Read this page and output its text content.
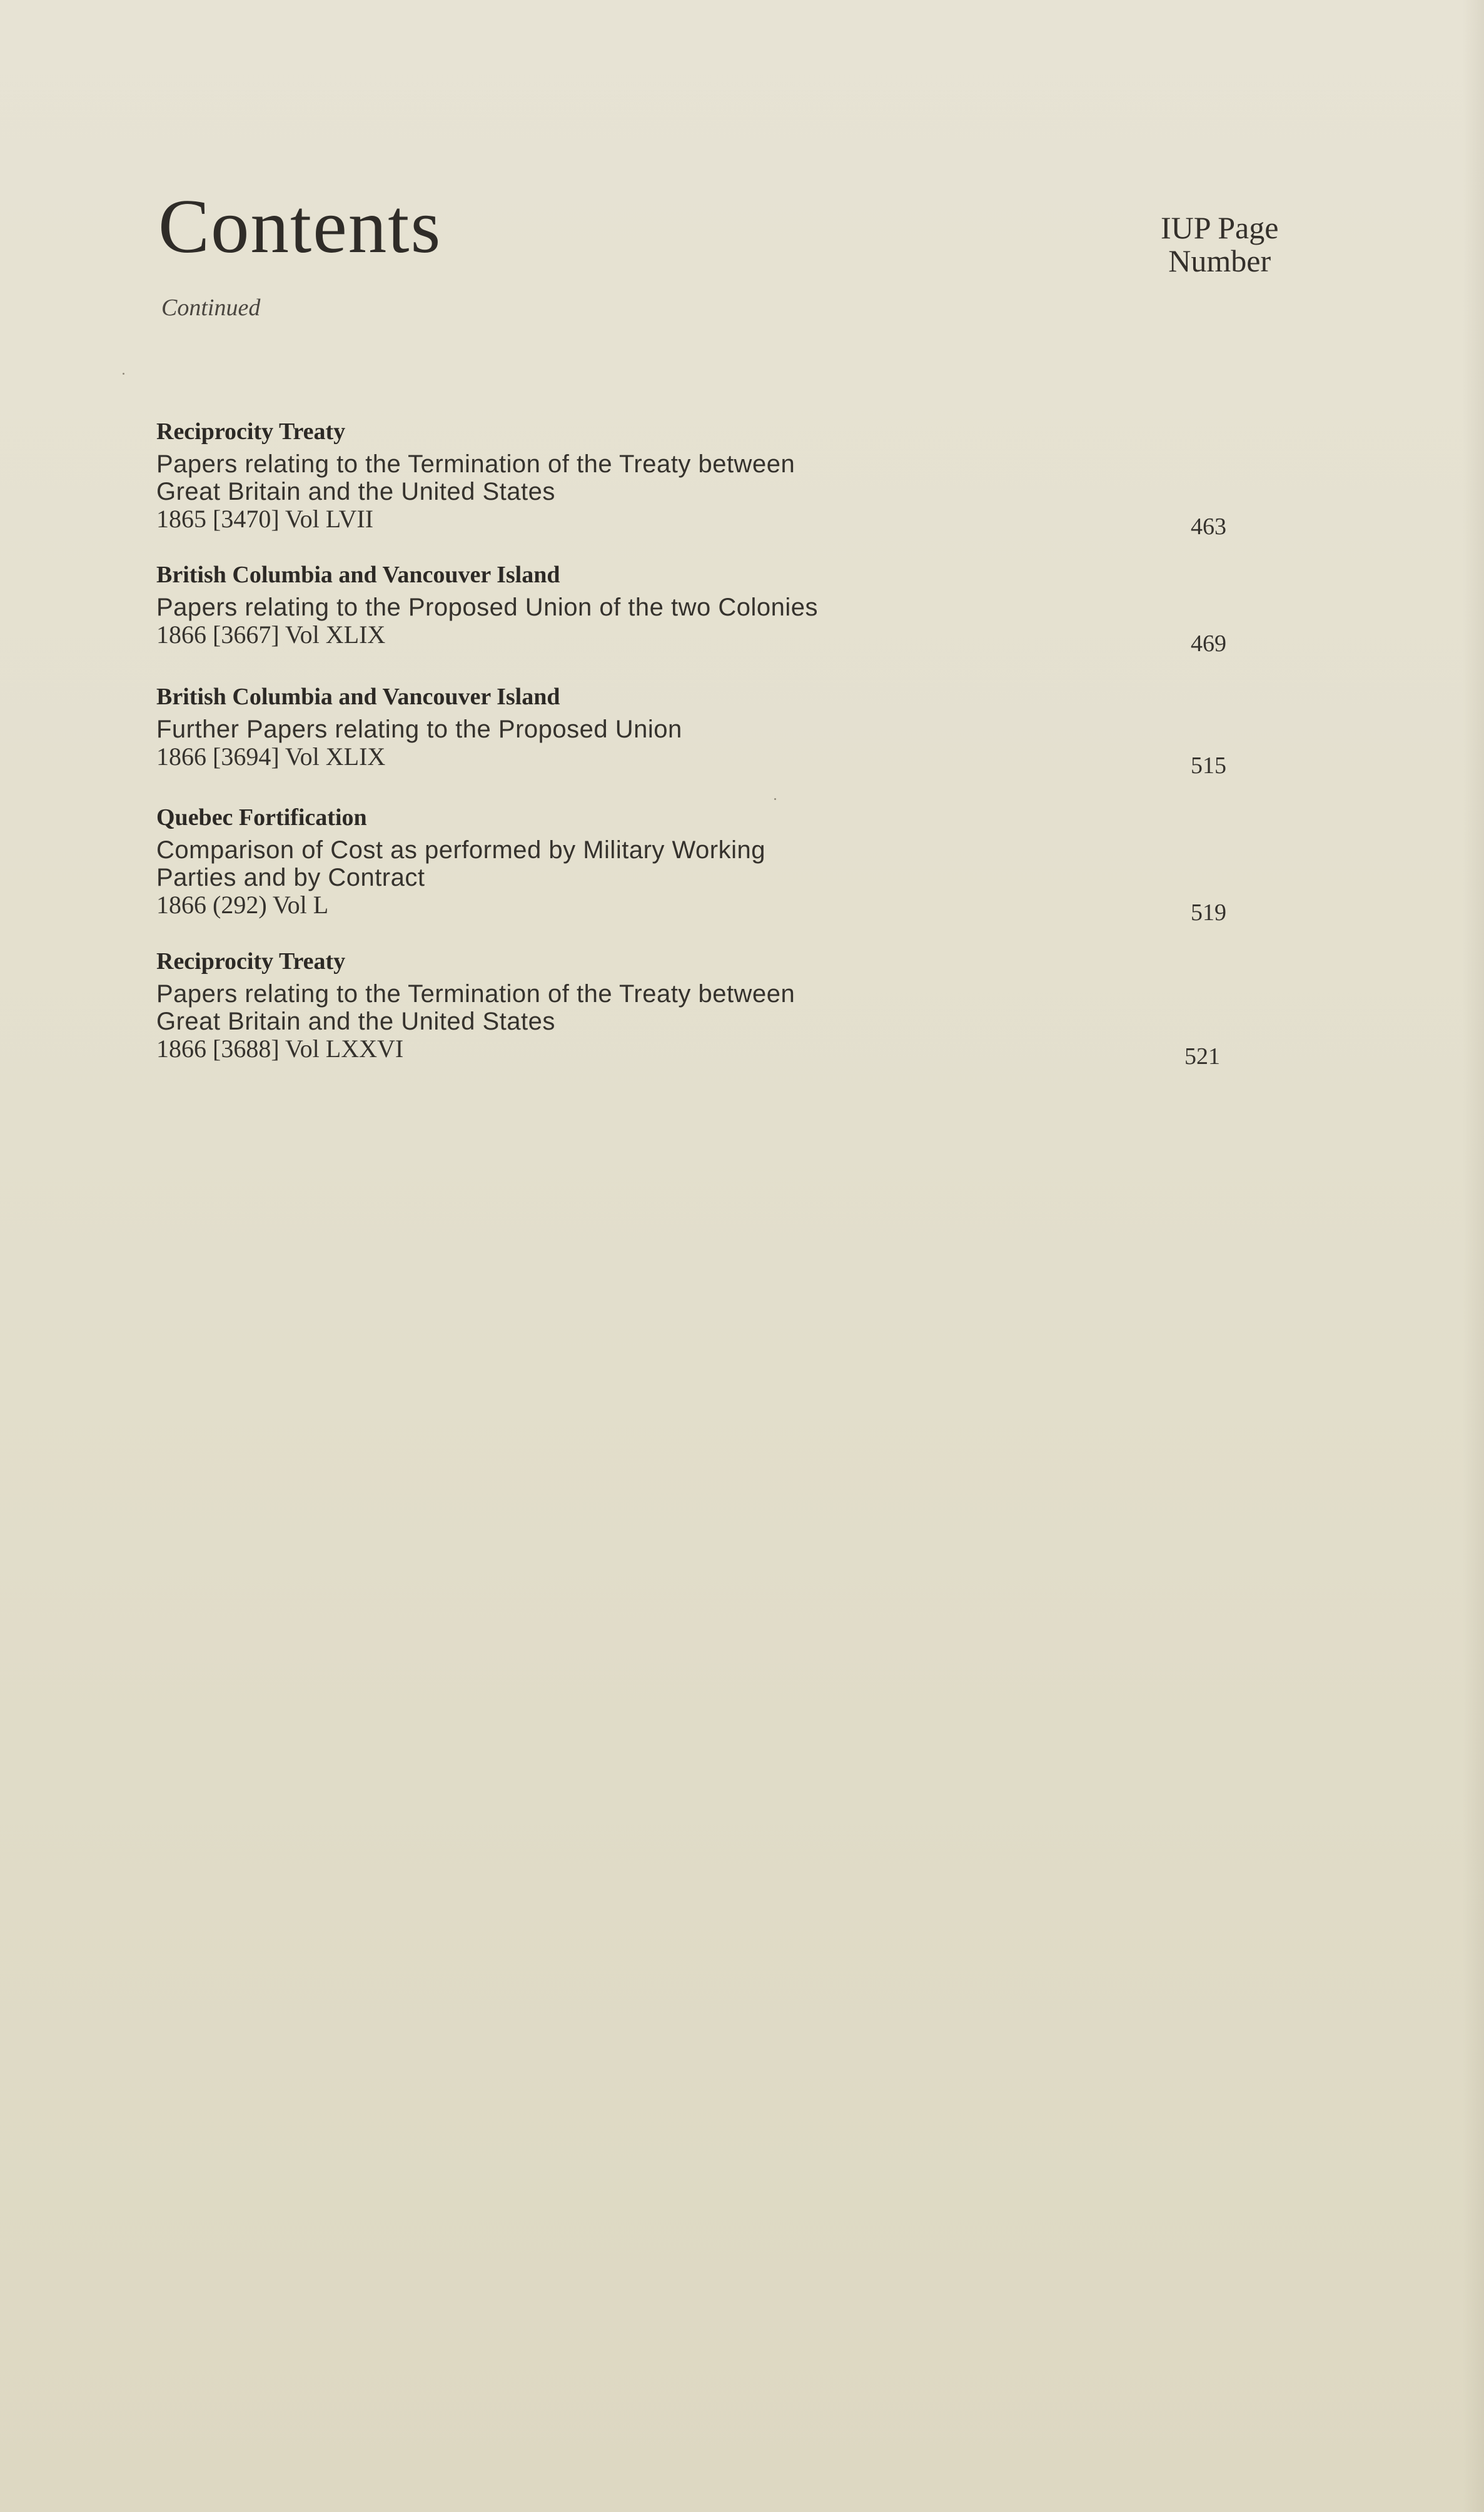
Contents
Continued
IUP Page
Number
Reciprocity Treaty
Papers relating to the Termination of the Treaty between
Great Britain and the United States
1865 [3470] Vol LVII	463
British Columbia and Vancouver Island
Papers relating to the Proposed Union of the two Colonies
1866 [3667] Vol XLIX	469
British Columbia and Vancouver Island
Further Papers relating to the Proposed Union
1866 [3694] Vol XLIX	515
Quebec Fortification
Comparison of Cost as performed by Military Working
Parties and by Contract
1866 (292) Vol L	519
Reciprocity Treaty
Papers relating to the Termination of the Treaty between
Great Britain and the United States
1866 [3688] Vol LXXVI	521
